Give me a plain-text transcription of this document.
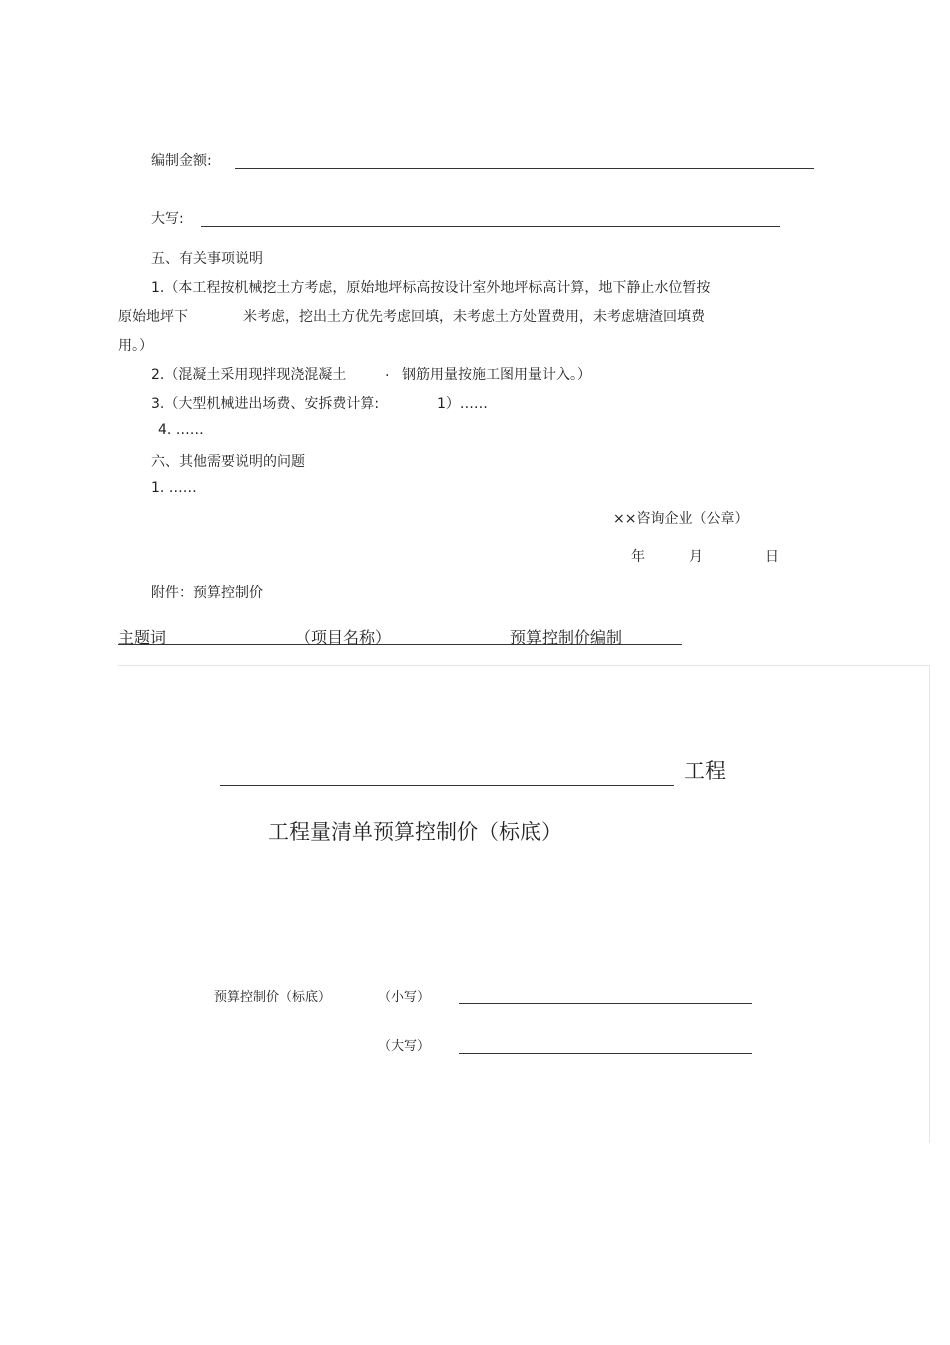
编制金额:
大写:
五、有关事项说明
1.（本工程按机械挖土方考虑，原始地坪标高按设计室外地坪标高计算，地下静止水位暂按
原始地坪下	米考虑，挖出土方优先考虑回填，未考虑土方处置费用，未考虑塘渣回填费
用。）
2.（混凝土采用现拌现浇混凝土	. 钢筋用量按施工图用量计入。）
3.（大型机械进出场费、安拆费计算:	1）……
4. ……
六、其他需要说明的问题
1. ……
××咨询企业（公章）
年	月	日
附件：预算控制价
主题词	（项目名称）	预算控制价编制
工程
工程量清单预算控制价（标底）
预算控制价（标底）	（小写）
（大写）
